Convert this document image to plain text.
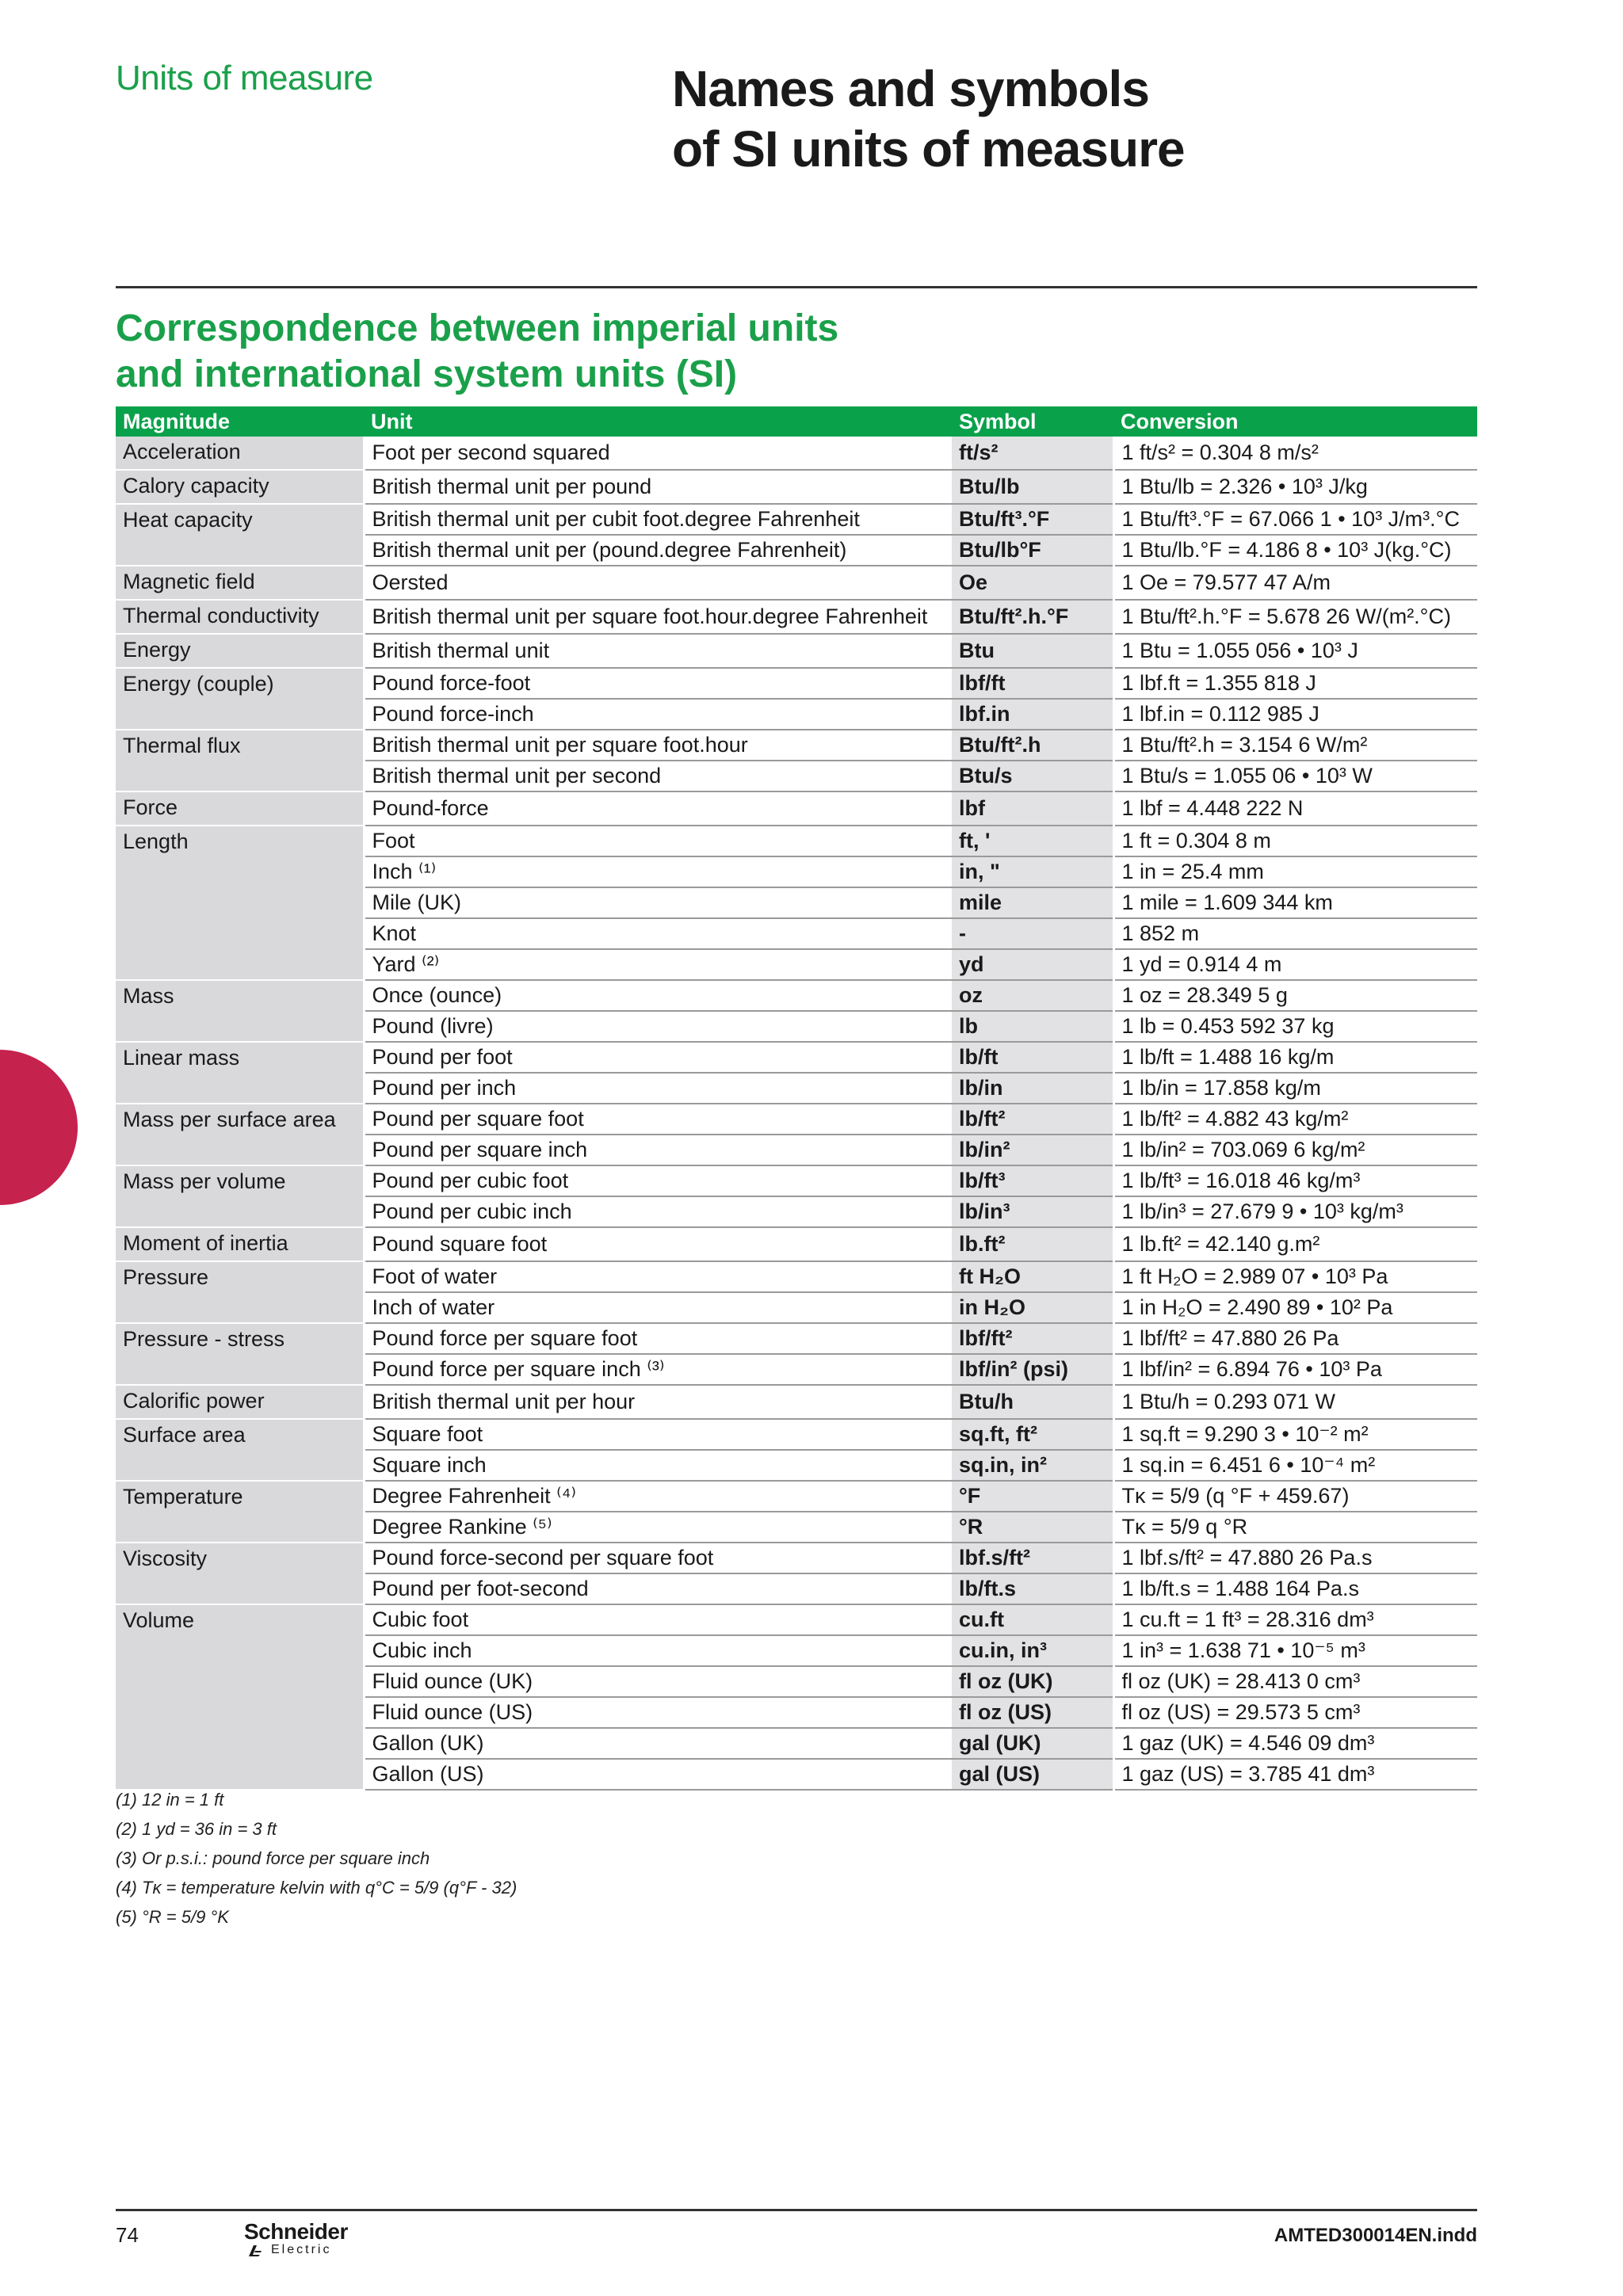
Units of measure	Names and symbols
of SI units of measure
Correspondence between imperial units
and international system units (SI)
Magnitude	Unit	Symbol	Conversion
Acceleration	Foot per second squared	ft/s²	1 ft/s² = 0.304 8 m/s²
Calory capacity	British thermal unit per pound	Btu/lb	1 Btu/lb = 2.326 • 10³ J/kg
Heat capacity	British thermal unit per cubit foot.degree Fahrenheit	Btu/ft³.°F	1 Btu/ft³.°F = 67.066 1 • 10³ J/m³.°C
	British thermal unit per (pound.degree Fahrenheit)	Btu/lb°F	1 Btu/lb.°F = 4.186 8 • 10³ J(kg.°C)
Magnetic field	Oersted	Oe	1 Oe = 79.577 47 A/m
Thermal conductivity	British thermal unit per square foot.hour.degree Fahrenheit	Btu/ft².h.°F	1 Btu/ft².h.°F = 5.678 26 W/(m².°C)
Energy	British thermal unit	Btu	1 Btu = 1.055 056 • 10³ J
Energy (couple)	Pound force-foot	lbf/ft	1 lbf.ft = 1.355 818 J
	Pound force-inch	lbf.in	1 lbf.in = 0.112 985 J
Thermal flux	British thermal unit per square foot.hour	Btu/ft².h	1 Btu/ft².h = 3.154 6 W/m²
	British thermal unit per second	Btu/s	1 Btu/s = 1.055 06 • 10³ W
Force	Pound-force	lbf	1 lbf = 4.448 222 N
Length	Foot	ft, '	1 ft = 0.304 8 m
	Inch ⁽¹⁾	in, "	1 in = 25.4 mm
	Mile (UK)	mile	1 mile = 1.609 344 km
	Knot	-	1 852 m
	Yard ⁽²⁾	yd	1 yd = 0.914 4 m
Mass	Once (ounce)	oz	1 oz = 28.349 5 g
	Pound (livre)	lb	1 lb = 0.453 592 37 kg
Linear mass	Pound per foot	lb/ft	1 lb/ft = 1.488 16 kg/m
	Pound per inch	lb/in	1 lb/in = 17.858 kg/m
Mass per surface area	Pound per square foot	lb/ft²	1 lb/ft² = 4.882 43 kg/m²
	Pound per square inch	lb/in²	1 lb/in² = 703.069 6 kg/m²
Mass per volume	Pound per cubic foot	lb/ft³	1 lb/ft³ = 16.018 46 kg/m³
	Pound per cubic inch	lb/in³	1 lb/in³ = 27.679 9 • 10³ kg/m³
Moment of inertia	Pound square foot	lb.ft²	1 lb.ft² = 42.140 g.m²
Pressure	Foot of water	ft H₂O	1 ft H₂O = 2.989 07 • 10³ Pa
	Inch of water	in H₂O	1 in H₂O = 2.490 89 • 10² Pa
Pressure - stress	Pound force per square foot	lbf/ft²	1 lbf/ft² = 47.880 26 Pa
	Pound force per square inch ⁽³⁾	lbf/in² (psi)	1 lbf/in² = 6.894 76 • 10³ Pa
Calorific power	British thermal unit per hour	Btu/h	1 Btu/h = 0.293 071 W
Surface area	Square foot	sq.ft, ft²	1 sq.ft = 9.290 3 • 10⁻² m²
	Square inch	sq.in, in²	1 sq.in = 6.451 6 • 10⁻⁴ m²
Temperature	Degree Fahrenheit ⁽⁴⁾	°F	Tᴋ = 5/9 (q °F + 459.67)
	Degree Rankine ⁽⁵⁾	°R	Tᴋ = 5/9 q °R
Viscosity	Pound force-second per square foot	lbf.s/ft²	1 lbf.s/ft² = 47.880 26 Pa.s
	Pound per foot-second	lb/ft.s	1 lb/ft.s = 1.488 164 Pa.s
Volume	Cubic foot	cu.ft	1 cu.ft = 1 ft³ = 28.316 dm³
	Cubic inch	cu.in, in³	1 in³ = 1.638 71 • 10⁻⁵ m³
	Fluid ounce (UK)	fl oz (UK)	fl oz (UK) = 28.413 0 cm³
	Fluid ounce (US)	fl oz (US)	fl oz (US) = 29.573 5 cm³
	Gallon (UK)	gal (UK)	1 gaz (UK) = 4.546 09 dm³
	Gallon (US)	gal (US)	1 gaz (US) = 3.785 41 dm³
(1) 12 in = 1 ft
(2) 1 yd = 36 in = 3 ft
(3) Or p.s.i.: pound force per square inch
(4) Tᴋ = temperature kelvin with q°C = 5/9 (q°F - 32)
(5) °R = 5/9 °K
74	Schneider
Electric
AMTED300014EN.indd
